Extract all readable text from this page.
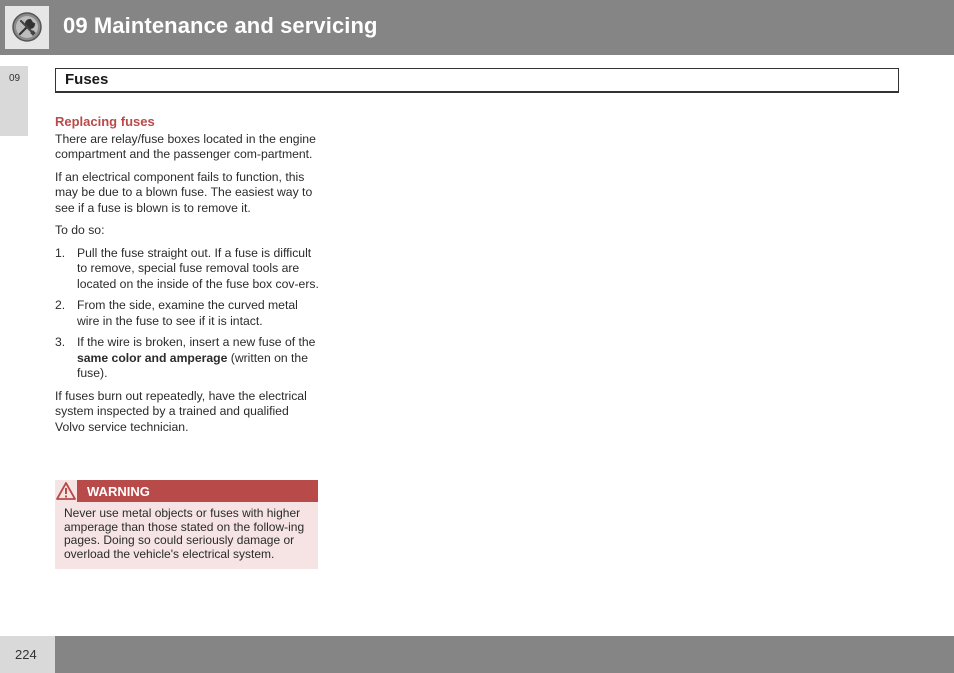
09 Maintenance and servicing
09	Fuses
Replacing fuses

There are relay/fuse boxes located in the engine compartment and the passenger com-partment.

If an electrical component fails to function, this may be due to a blown fuse. The easiest way to see if a fuse is blown is to remove it.

To do so:

1. Pull the fuse straight out. If a fuse is difficult to remove, special fuse removal tools are located on the inside of the fuse box cov-ers.
2. From the side, examine the curved metal wire in the fuse to see if it is intact.
3. If the wire is broken, insert a new fuse of the same color and amperage (written on the fuse).

If fuses burn out repeatedly, have the electrical system inspected by a trained and qualified Volvo service technician.

WARNING
Never use metal objects or fuses with higher amperage than those stated on the follow-ing pages. Doing so could seriously damage or overload the vehicle's electrical system.
224
